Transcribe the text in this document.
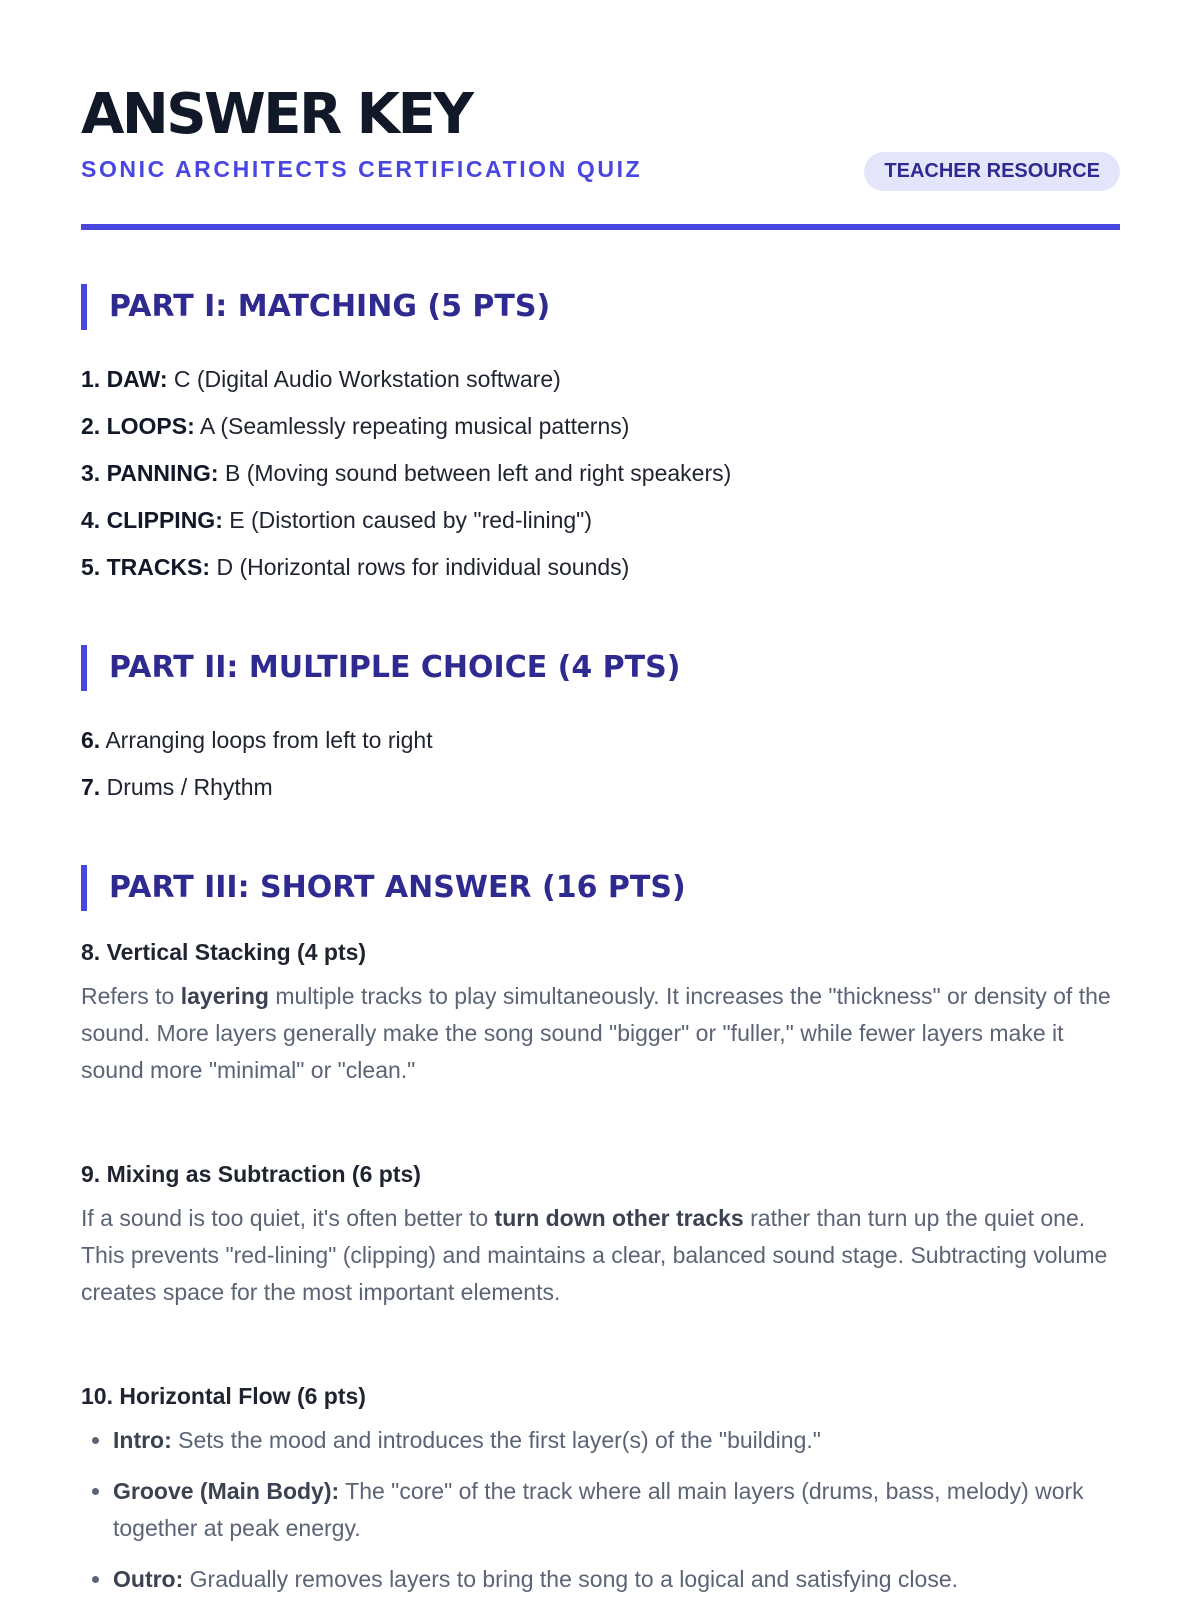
ANSWER KEY
SONIC ARCHITECTS CERTIFICATION QUIZ	TEACHER RESOURCE
PART I: MATCHING (5 PTS)
1. DAW: C (Digital Audio Workstation software)
2. LOOPS: A (Seamlessly repeating musical patterns)
3. PANNING: B (Moving sound between left and right speakers)
4. CLIPPING: E (Distortion caused by "red-lining")
5. TRACKS: D (Horizontal rows for individual sounds)
PART II: MULTIPLE CHOICE (4 PTS)
6. Arranging loops from left to right
7. Drums / Rhythm
PART III: SHORT ANSWER (16 PTS)
8. Vertical Stacking (4 pts)
Refers to layering multiple tracks to play simultaneously. It increases the "thickness" or density of the sound. More layers generally make the song sound "bigger" or "fuller," while fewer layers make it sound more "minimal" or "clean."
9. Mixing as Subtraction (6 pts)
If a sound is too quiet, it's often better to turn down other tracks rather than turn up the quiet one. This prevents "red-lining" (clipping) and maintains a clear, balanced sound stage. Subtracting volume creates space for the most important elements.
10. Horizontal Flow (6 pts)
• Intro: Sets the mood and introduces the first layer(s) of the "building."
• Groove (Main Body): The "core" of the track where all main layers (drums, bass, melody) work together at peak energy.
• Outro: Gradually removes layers to bring the song to a logical and satisfying close.
